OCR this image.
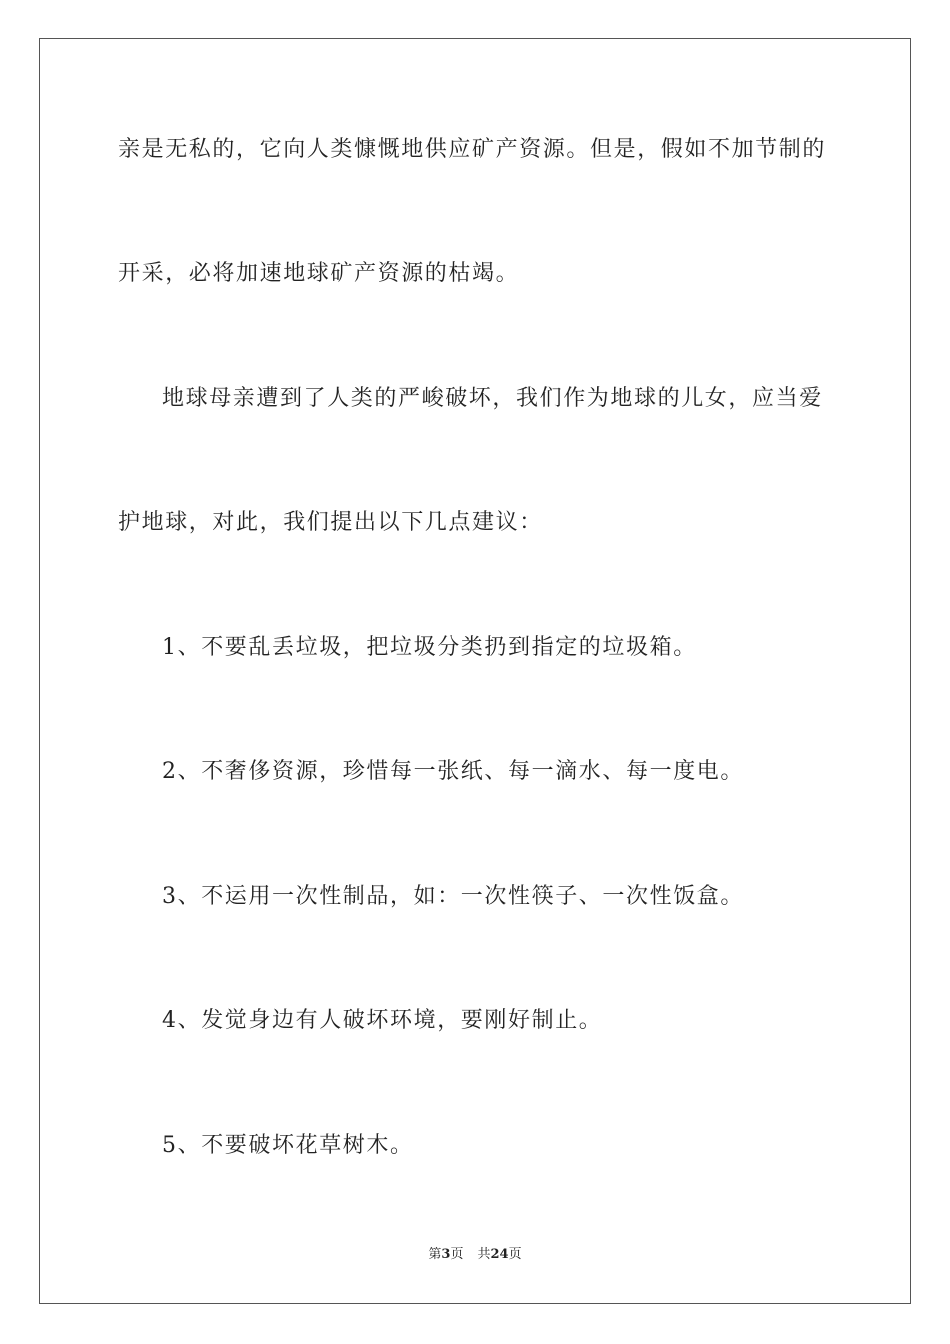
亲是无私的，它向人类慷慨地供应矿产资源。但是，假如不加节制的
开采，必将加速地球矿产资源的枯竭。
地球母亲遭到了人类的严峻破坏，我们作为地球的儿女，应当爱
护地球，对此，我们提出以下几点建议：
1、不要乱丢垃圾，把垃圾分类扔到指定的垃圾箱。
2、不奢侈资源，珍惜每一张纸、每一滴水、每一度电。
3、不运用一次性制品，如：一次性筷子、一次性饭盒。
4、发觉身边有人破坏环境，要刚好制止。
5、不要破坏花草树木。
第3页 共24页
